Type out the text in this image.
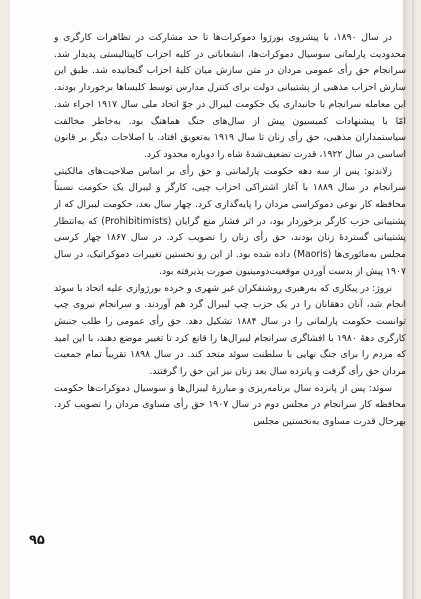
در سال ۱۸۹۰، با پیشروی بورژوا دموکرات‌ها تا حد مشارکت در تظاهرات کارگری و محدودیت پارلمانی سوسیال دموکرات‌ها، انشعاباتی در کلیه احزاب کاپیتالیستی پدیدار شد. سرانجام حق رأی عمومی مردان در متن سازش میان کلیهٔ احزاب گنجانیده شد. طبق این سازش احزاب مذهبی از پشتیبانی دولت برای کنترل مدارس توسط کلیساها برخوردار بودند. این معامله سرانجام با جانبداری یک حکومت لیبرال در جوّ اتحاد ملی سال ۱۹۱۷ اجراء شد. امّا با پیشنهادات کمیسیون پیش از سال‌های جنگ هماهنگ بود. به‌خاطر مخالفت سیاستمداران مذهبی، حق رأی زنان تا سال ۱۹۱۹ به‌تعویق افتاد. با اصلاحات دیگر بر قانون اساسی در سال ۱۹۲۲، قدرت تضعیف‌شدهٔ شاه را دوباره محدود کرد.

زلاندنو: پس از سه دهه حکومت پارلمانتی و حق رأی بر اساس صلاحیت‌های مالکیتی سرانجام در سال ۱۸۸۹ با آغاز اشتراکی احزاب چپی، کارگر و لیبرال یک حکومت نسبتاً محافظه کار نوعی دموکراسی مردان را پایه‌گذاری کرد. چهار سال بعد، حکومت لیبرال که از پشتیبانی حزب کارگر برخوردار بود، در اثر فشار منع گرایان (Prohibitimists) که به‌انتظار پشتیبانی گستردهٔ زنان بودند، حق رأی زنان را تصویب کرد. در سال ۱۸۶۷ چهار کرسی مجلس به‌مائوری‌ها (Maoris) داده شده بود. از این رو نخستین تغییرات دموکراتیک، در سال ۱۹۰۷ پیش از بدست آوردن موقعیت‌دومینیون صورت پذیرفته بود.

نروژ: در پیکاری که به‌رهبری روشنفکران غیر شهری و خرده بورژوازی علیه اتحاد با سوئد انجام شد، آنان دهقانان را در یک حزب چپ لیبرال گرد هم آوردند. و سرانجام نیروی چپ توانست حکومت پارلمانی را در سال ۱۸۸۴ تشکیل دهد. حق رأی عمومی را طلب جنبش کارگری دههٔ ۱۹۸۰ با افشاگری سرانجام لیبرال‌ها را قانع کرد تا تغییر موضع دهند، با این امید که مردم را برای جنگ نهایی با سلطنت سوئد متحد کند. در سال ۱۸۹۸ تقریباً تمام جمعیت مردان حق رأی گرفت و پانزده سال بعد زنان نیز این حق را گرفتند.

سوئد: پس از پانزده سال برنامه‌ریزی و مبارزهٔ لیبرال‌ها و سوسیال دموکرات‌ها حکومت محافظه کار سرانجام در مجلس دوم در سال ۱۹۰۷ حق رأی مساوی مردان را تصویب کرد. بهرحال قدرت مساوی به‌نخستین مجلس

۹۵
